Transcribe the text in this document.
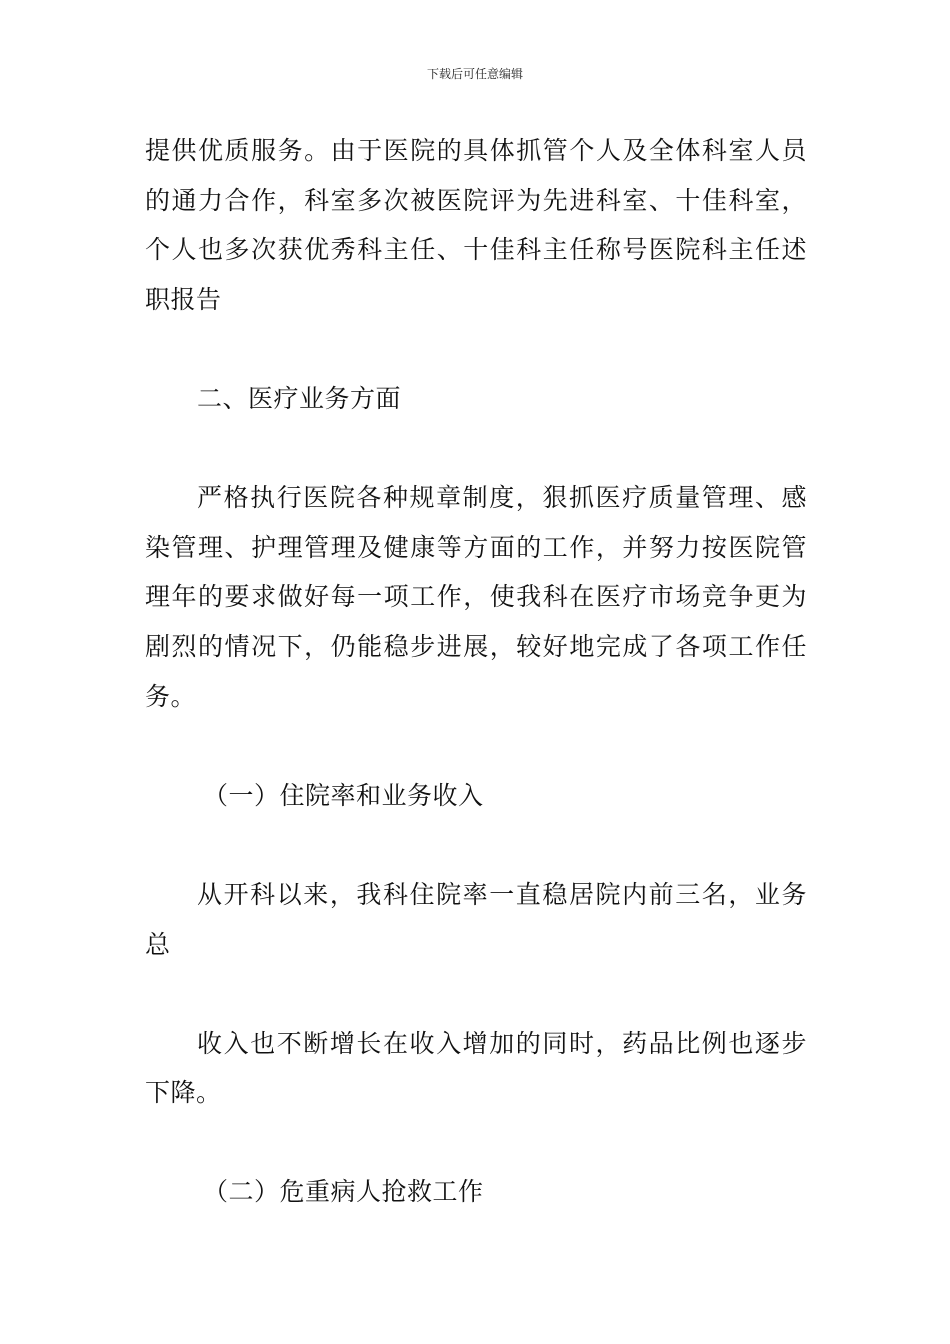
下载后可任意编辑

提供优质服务。由于医院的具体抓管个人及全体科室人员的通力合作，科室多次被医院评为先进科室、十佳科室，个人也多次获优秀科主任、十佳科主任称号医院科主任述职报告

二、医疗业务方面

严格执行医院各种规章制度，狠抓医疗质量管理、感染管理、护理管理及健康等方面的工作，并努力按医院管理年的要求做好每一项工作，使我科在医疗市场竞争更为剧烈的情况下，仍能稳步进展，较好地完成了各项工作任务。

（一）住院率和业务收入

从开科以来，我科住院率一直稳居院内前三名，业务总

收入也不断增长在收入增加的同时，药品比例也逐步下降。

（二）危重病人抢救工作
